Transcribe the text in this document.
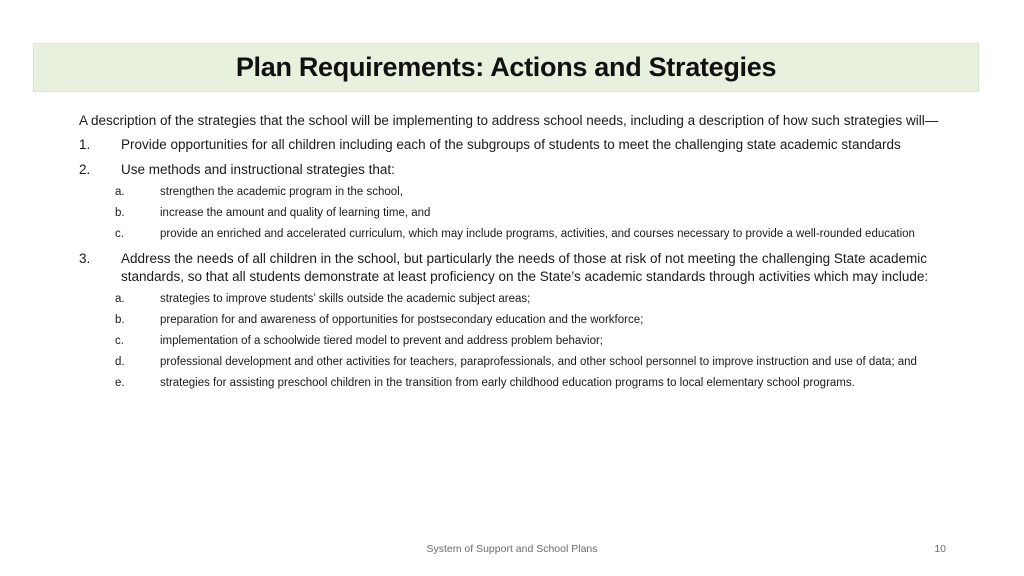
Plan Requirements: Actions and Strategies

A description of the strategies that the school will be implementing to address school needs, including a description of how such strategies will—

1.	Provide opportunities for all children including each of the subgroups of students to meet the challenging state academic standards
2.	Use methods and instructional strategies that:
a.	strengthen the academic program in the school,
b.	increase the amount and quality of learning time, and
c.	provide an enriched and accelerated curriculum, which may include programs, activities, and courses necessary to provide a well-rounded education
3.	Address the needs of all children in the school, but particularly the needs of those at risk of not meeting the challenging State academic standards, so that all students demonstrate at least proficiency on the State’s academic standards through activities which may include:
a.	strategies to improve students’ skills outside the academic subject areas;
b.	preparation for and awareness of opportunities for postsecondary education and the workforce;
c.	implementation of a schoolwide tiered model to prevent and address problem behavior;
d.	professional development and other activities for teachers, paraprofessionals, and other school personnel to improve instruction and use of data; and
e.	strategies for assisting preschool children in the transition from early childhood education programs to local elementary school programs.
System of Support and School Plans	10
